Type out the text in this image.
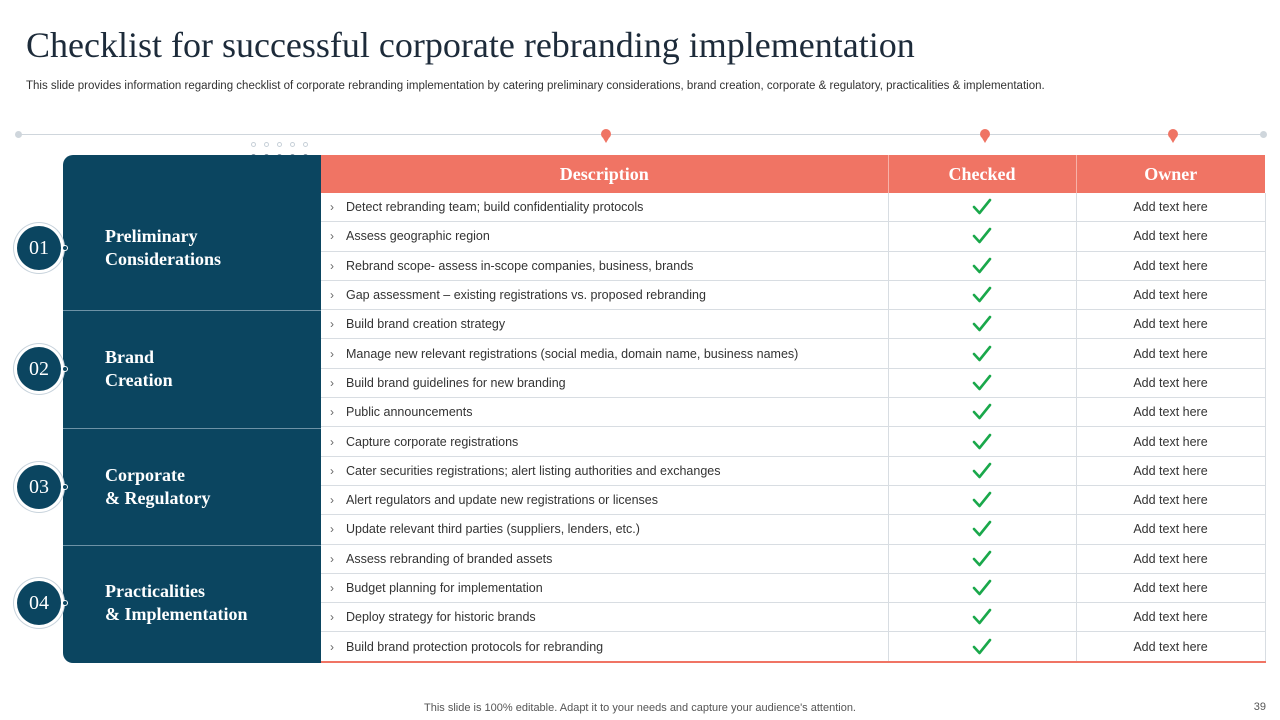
Checklist for successful corporate rebranding implementation
This slide provides information regarding checklist of corporate rebranding implementation by catering preliminary considerations, brand creation, corporate & regulatory, practicalities & implementation.
Preliminary
Considerations
Brand
Creation
Corporate
& Regulatory
Practicalities
& Implementation
01
02
03
04
Description	Checked	Owner
› Detect rebranding team; build confidentiality protocols		Add text here
› Assess geographic region		Add text here
› Rebrand scope- assess in-scope companies, business, brands		Add text here
› Gap assessment – existing registrations vs. proposed rebranding		Add text here
› Build brand creation strategy		Add text here
› Manage new relevant registrations (social media, domain name, business names)		Add text here
› Build brand guidelines for new branding		Add text here
› Public announcements		Add text here
› Capture corporate registrations		Add text here
› Cater securities registrations; alert listing authorities and exchanges		Add text here
› Alert regulators and update new registrations or licenses		Add text here
› Update relevant third parties (suppliers, lenders, etc.)		Add text here
› Assess rebranding of branded assets		Add text here
› Budget planning for implementation		Add text here
› Deploy strategy for historic brands		Add text here
› Build brand protection protocols for rebranding		Add text here
This slide is 100% editable. Adapt it to your needs and capture your audience's attention.	39
